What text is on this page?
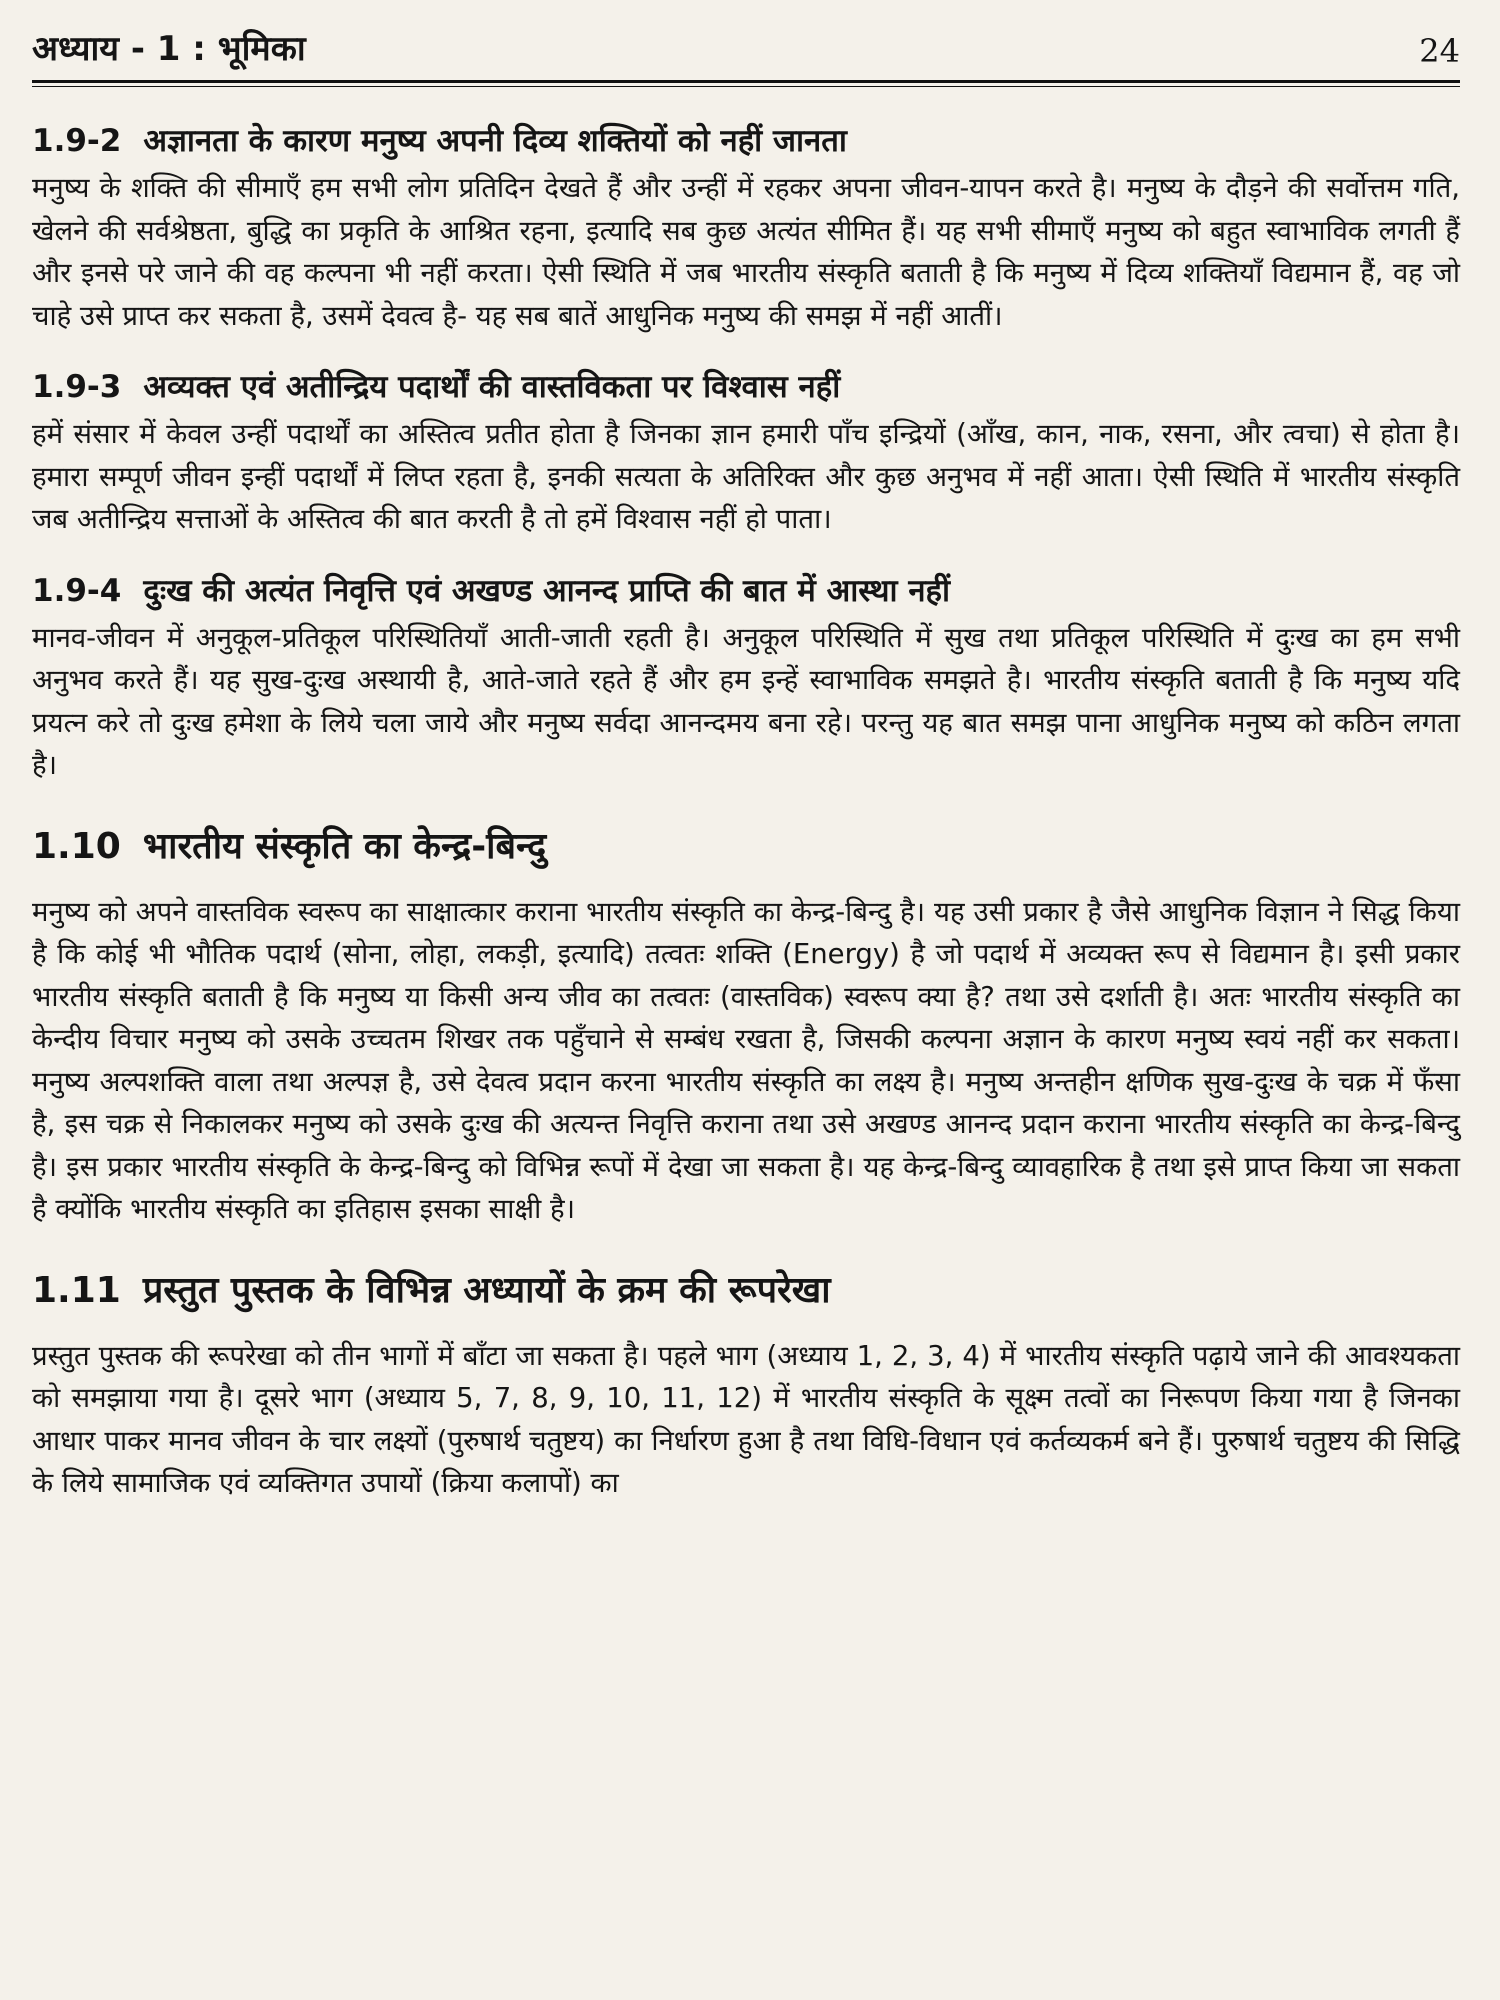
अध्याय - 1 : भूमिका	24
1.9-2 अज्ञानता के कारण मनुष्य अपनी दिव्य शक्तियों को नहीं जानता

मनुष्य के शक्ति की सीमाएँ हम सभी लोग प्रतिदिन देखते हैं और उन्हीं में रहकर अपना जीवन-यापन करते है। मनुष्य के दौड़ने की सर्वोत्तम गति, खेलने की सर्वश्रेष्ठता, बुद्धि का प्रकृति के आश्रित रहना, इत्यादि सब कुछ अत्यंत सीमित हैं। यह सभी सीमाएँ मनुष्य को बहुत स्वाभाविक लगती हैं और इनसे परे जाने की वह कल्पना भी नहीं करता। ऐसी स्थिति में जब भारतीय संस्कृति बताती है कि मनुष्य में दिव्य शक्तियाँ विद्यमान हैं, वह जो चाहे उसे प्राप्त कर सकता है, उसमें देवत्व है- यह सब बातें आधुनिक मनुष्य की समझ में नहीं आतीं।

1.9-3 अव्यक्त एवं अतीन्द्रिय पदार्थों की वास्तविकता पर विश्वास नहीं

हमें संसार में केवल उन्हीं पदार्थों का अस्तित्व प्रतीत होता है जिनका ज्ञान हमारी पाँच इन्द्रियों (आँख, कान, नाक, रसना, और त्वचा) से होता है। हमारा सम्पूर्ण जीवन इन्हीं पदार्थों में लिप्त रहता है, इनकी सत्यता के अतिरिक्त और कुछ अनुभव में नहीं आता। ऐसी स्थिति में भारतीय संस्कृति जब अतीन्द्रिय सत्ताओं के अस्तित्व की बात करती है तो हमें विश्वास नहीं हो पाता।

1.9-4 दुःख की अत्यंत निवृत्ति एवं अखण्ड आनन्द प्राप्ति की बात में आस्था नहीं

मानव-जीवन में अनुकूल-प्रतिकूल परिस्थितियाँ आती-जाती रहती है। अनुकूल परिस्थिति में सुख तथा प्रतिकूल परिस्थिति में दुःख का हम सभी अनुभव करते हैं। यह सुख-दुःख अस्थायी है, आते-जाते रहते हैं और हम इन्हें स्वाभाविक समझते है। भारतीय संस्कृति बताती है कि मनुष्य यदि प्रयत्न करे तो दुःख हमेशा के लिये चला जाये और मनुष्य सर्वदा आनन्दमय बना रहे। परन्तु यह बात समझ पाना आधुनिक मनुष्य को कठिन लगता है।

1.10 भारतीय संस्कृति का केन्द्र-बिन्दु

मनुष्य को अपने वास्तविक स्वरूप का साक्षात्कार कराना भारतीय संस्कृति का केन्द्र-बिन्दु है। यह उसी प्रकार है जैसे आधुनिक विज्ञान ने सिद्ध किया है कि कोई भी भौतिक पदार्थ (सोना, लोहा, लकड़ी, इत्यादि) तत्वतः शक्ति (Energy) है जो पदार्थ में अव्यक्त रूप से विद्यमान है। इसी प्रकार भारतीय संस्कृति बताती है कि मनुष्य या किसी अन्य जीव का तत्वतः (वास्तविक) स्वरूप क्या है? तथा उसे दर्शाती है। अतः भारतीय संस्कृति का केन्दीय विचार मनुष्य को उसके उच्चतम शिखर तक पहुँचाने से सम्बंध रखता है, जिसकी कल्पना अज्ञान के कारण मनुष्य स्वयं नहीं कर सकता। मनुष्य अल्पशक्ति वाला तथा अल्पज्ञ है, उसे देवत्व प्रदान करना भारतीय संस्कृति का लक्ष्य है। मनुष्य अन्तहीन क्षणिक सुख-दुःख के चक्र में फँसा है, इस चक्र से निकालकर मनुष्य को उसके दुःख की अत्यन्त निवृत्ति कराना तथा उसे अखण्ड आनन्द प्रदान कराना भारतीय संस्कृति का केन्द्र-बिन्दु है। इस प्रकार भारतीय संस्कृति के केन्द्र-बिन्दु को विभिन्न रूपों में देखा जा सकता है। यह केन्द्र-बिन्दु व्यावहारिक है तथा इसे प्राप्त किया जा सकता है क्योंकि भारतीय संस्कृति का इतिहास इसका साक्षी है।

1.11 प्रस्तुत पुस्तक के विभिन्न अध्यायों के क्रम की रूपरेखा

प्रस्तुत पुस्तक की रूपरेखा को तीन भागों में बाँटा जा सकता है। पहले भाग (अध्याय 1, 2, 3, 4) में भारतीय संस्कृति पढ़ाये जाने की आवश्यकता को समझाया गया है। दूसरे भाग (अध्याय 5, 7, 8, 9, 10, 11, 12) में भारतीय संस्कृति के सूक्ष्म तत्वों का निरूपण किया गया है जिनका आधार पाकर मानव जीवन के चार लक्ष्यों (पुरुषार्थ चतुष्टय) का निर्धारण हुआ है तथा विधि-विधान एवं कर्तव्यकर्म बने हैं। पुरुषार्थ चतुष्टय की सिद्धि के लिये सामाजिक एवं व्यक्तिगत उपायों (क्रिया कलापों) का
